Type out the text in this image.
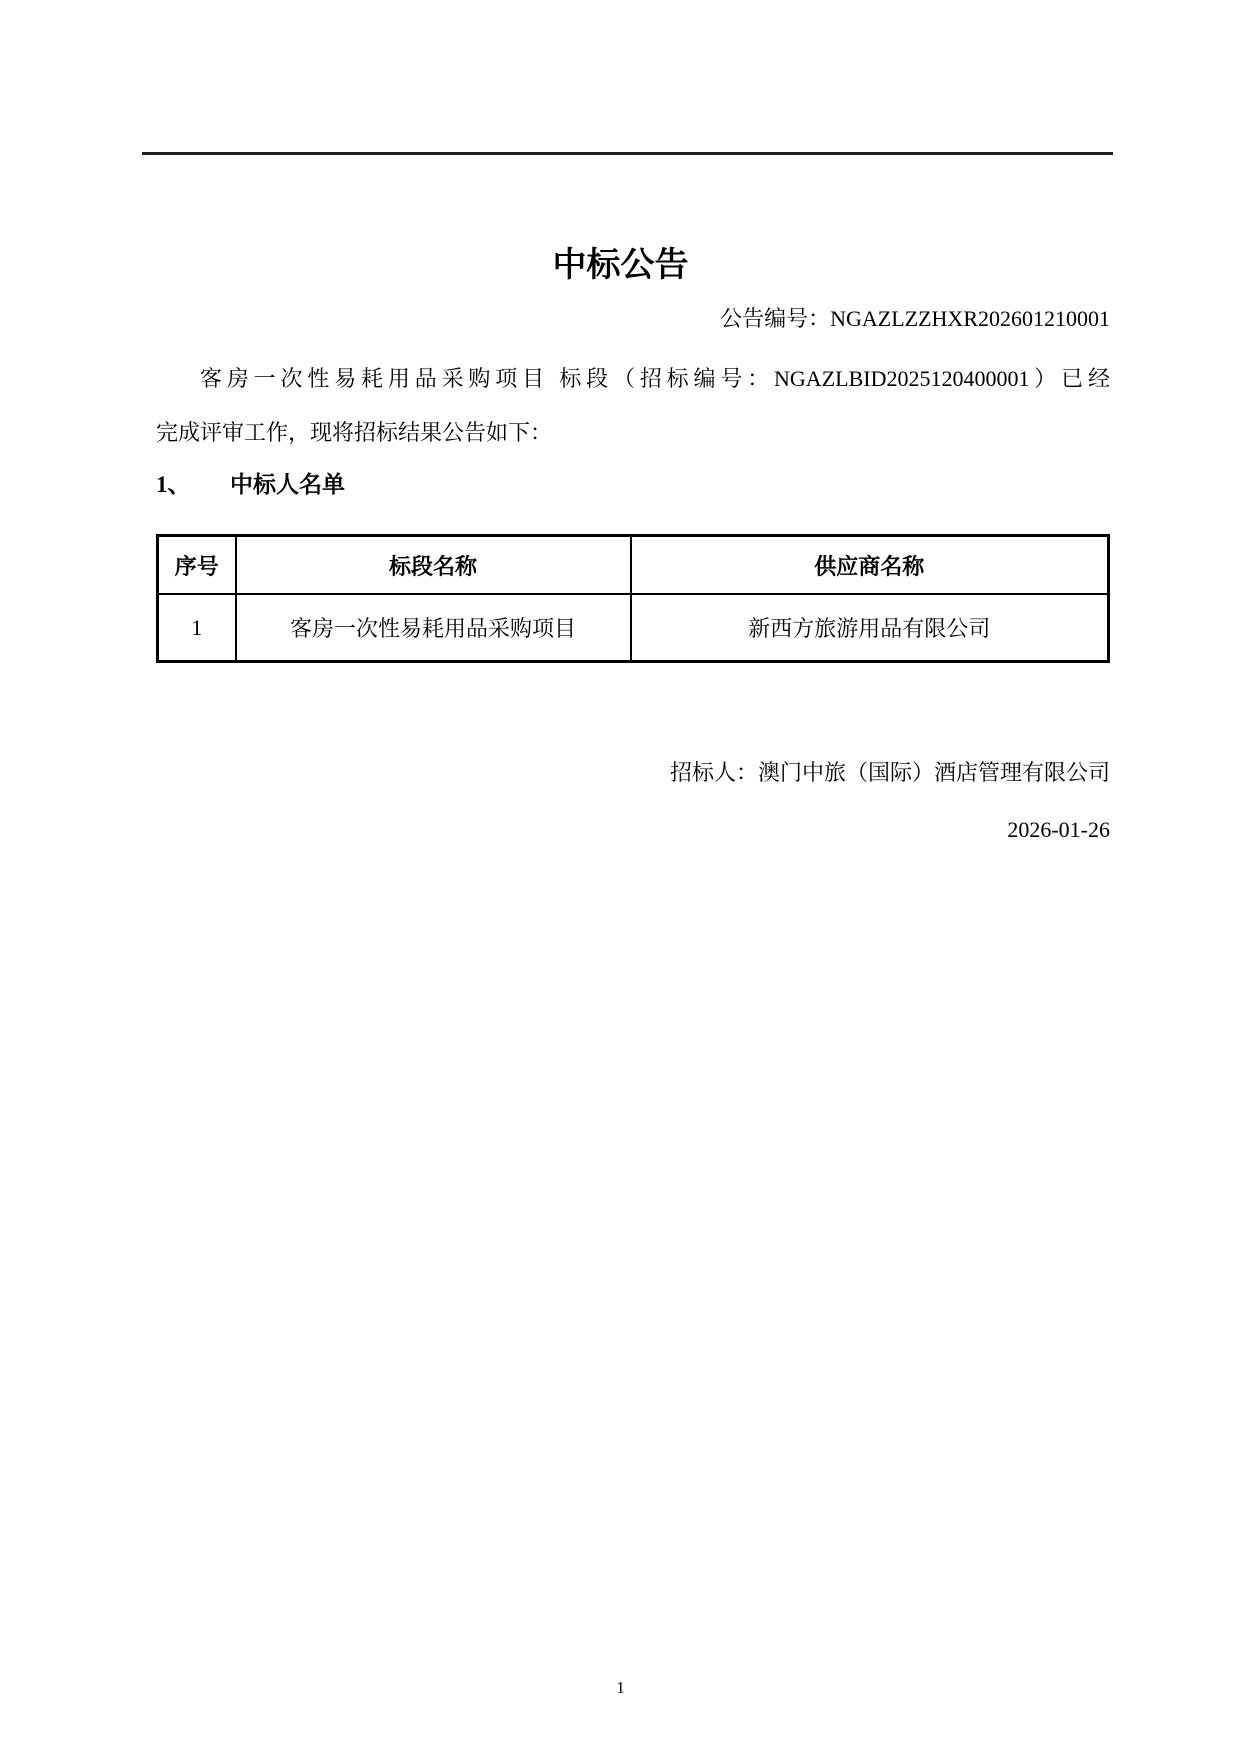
中标公告

公告编号：NGAZLZZHXR202601210001

客房一次性易耗用品采购项目 标段（招标编号：NGAZLBID2025120400001）已经
完成评审工作，现将招标结果公告如下：

1、 中标人名单

序号	标段名称	供应商名称
1	客房一次性易耗用品采购项目	新西方旅游用品有限公司

招标人：澳门中旅（国际）酒店管理有限公司

2026-01-26

1
